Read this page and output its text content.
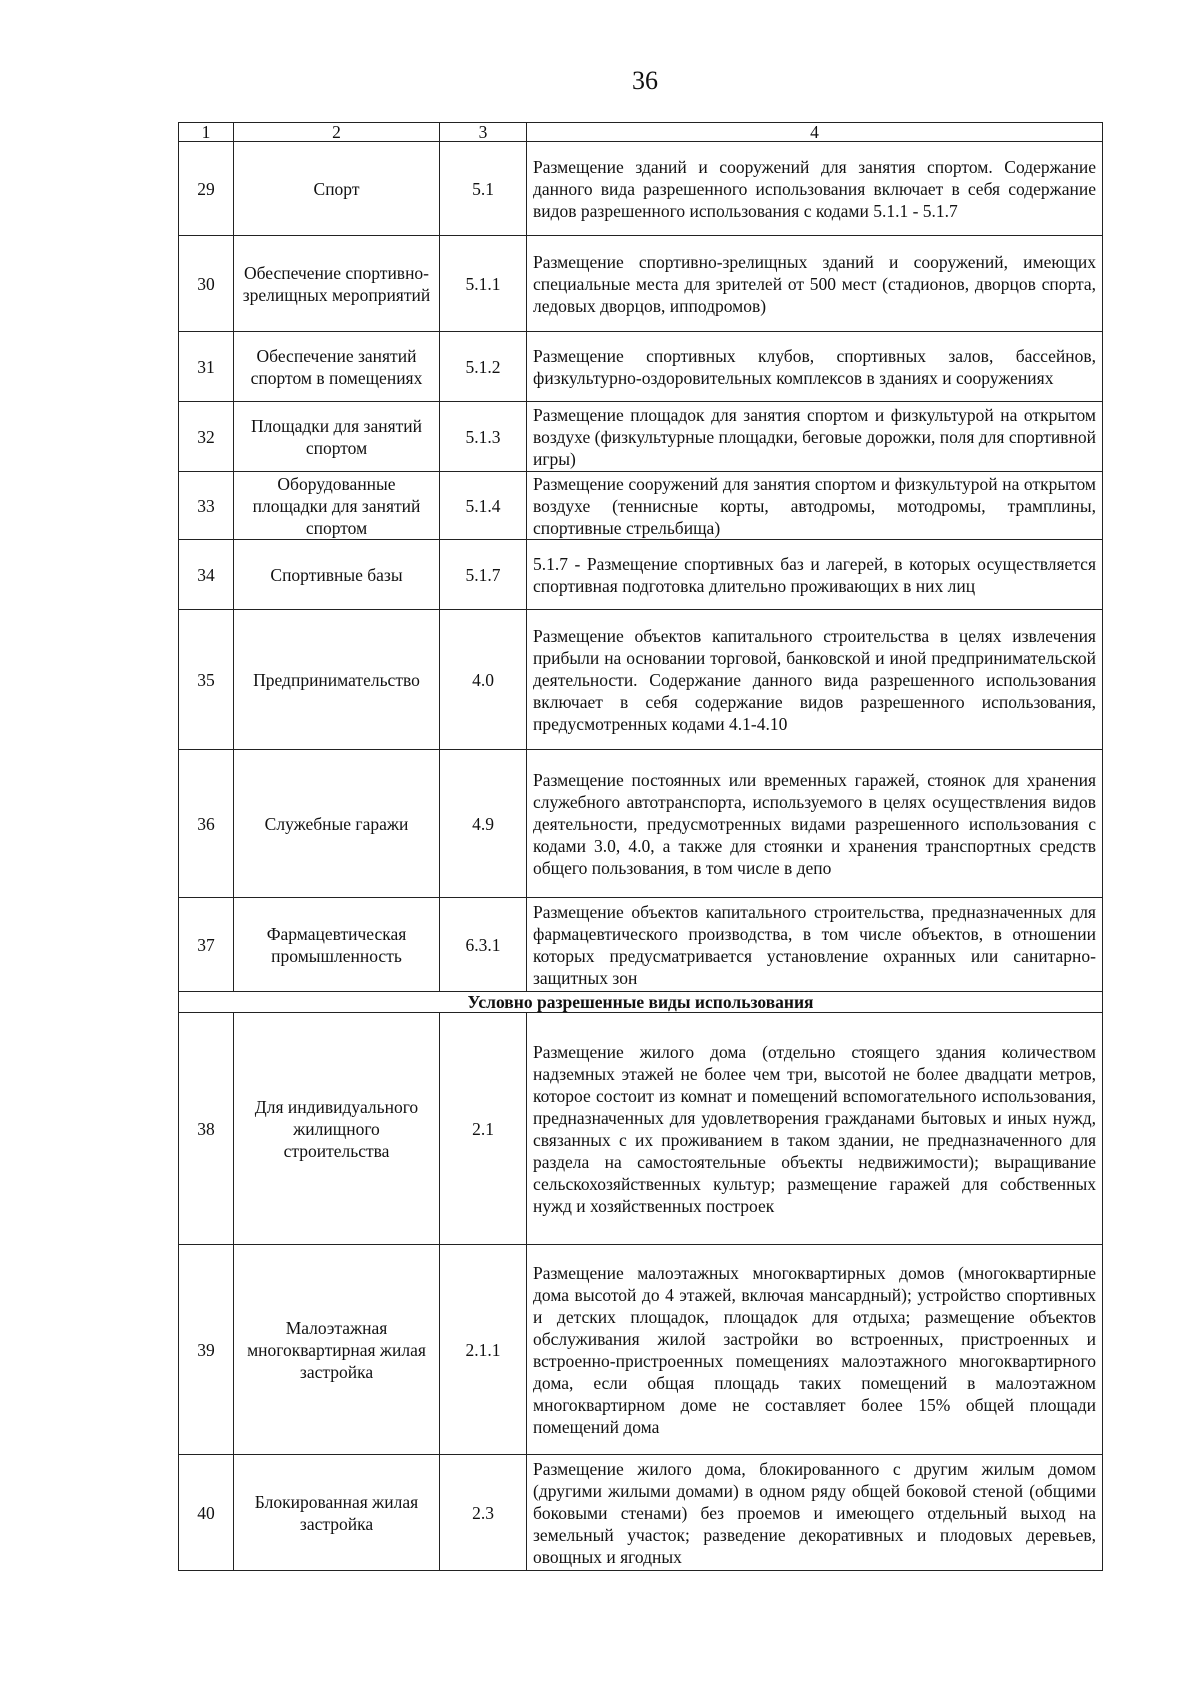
36
1	2	3	4
29	Спорт	5.1	Размещение зданий и сооружений для занятия спортом. Содержание данного вида разрешенного использования включает в себя содержание видов разрешенного использования с кодами 5.1.1 - 5.1.7
30	Обеспечение спортивно-зрелищных мероприятий	5.1.1	Размещение спортивно-зрелищных зданий и сооружений, имеющих специальные места для зрителей от 500 мест (стадионов, дворцов спорта, ледовых дворцов, ипподромов)
31	Обеспечение занятий спортом в помещениях	5.1.2	Размещение спортивных клубов, спортивных залов, бассейнов, физкультурно-оздоровительных комплексов в зданиях и сооружениях
32	Площадки для занятий спортом	5.1.3	Размещение площадок для занятия спортом и физкультурой на открытом воздухе (физкультурные площадки, беговые дорожки, поля для спортивной игры)
33	Оборудованные площадки для занятий спортом	5.1.4	Размещение сооружений для занятия спортом и физкультурой на открытом воздухе (теннисные корты, автодромы, мотодромы, трамплины, спортивные стрельбища)
34	Спортивные базы	5.1.7	5.1.7 - Размещение спортивных баз и лагерей, в которых осуществляется спортивная подготовка длительно проживающих в них лиц
35	Предпринимательство	4.0	Размещение объектов капитального строительства в целях извлечения прибыли на основании торговой, банковской и иной предпринимательской деятельности. Содержание данного вида разрешенного использования включает в себя содержание видов разрешенного использования, предусмотренных кодами 4.1-4.10
36	Служебные гаражи	4.9	Размещение постоянных или временных гаражей, стоянок для хранения служебного автотранспорта, используемого в целях осуществления видов деятельности, предусмотренных видами разрешенного использования с кодами 3.0, 4.0, а также для стоянки и хранения транспортных средств общего пользования, в том числе в депо
37	Фармацевтическая промышленность	6.3.1	Размещение объектов капитального строительства, предназначенных для фармацевтического производства, в том числе объектов, в отношении которых предусматривается установление охранных или санитарно-защитных зон
Условно разрешенные виды использования			
38	Для индивидуального жилищного строительства	2.1	Размещение жилого дома (отдельно стоящего здания количеством надземных этажей не более чем три, высотой не более двадцати метров, которое состоит из комнат и помещений вспомогательного использования, предназначенных для удовлетворения гражданами бытовых и иных нужд, связанных с их проживанием в таком здании, не предназначенного для раздела на самостоятельные объекты недвижимости); выращивание сельскохозяйственных культур; размещение гаражей для собственных нужд и хозяйственных построек
39	Малоэтажная многоквартирная жилая застройка	2.1.1	Размещение малоэтажных многоквартирных домов (многоквартирные дома высотой до 4 этажей, включая мансардный); устройство спортивных и детских площадок, площадок для отдыха; размещение объектов обслуживания жилой застройки во встроенных, пристроенных и встроенно-пристроенных помещениях малоэтажного многоквартирного дома, если общая площадь таких помещений в малоэтажном многоквартирном доме не составляет более 15% общей площади помещений дома
40	Блокированная жилая застройка	2.3	Размещение жилого дома, блокированного с другим жилым домом (другими жилыми домами) в одном ряду общей боковой стеной (общими боковыми стенами) без проемов и имеющего отдельный выход на земельный участок; разведение декоративных и плодовых деревьев, овощных и ягодных
